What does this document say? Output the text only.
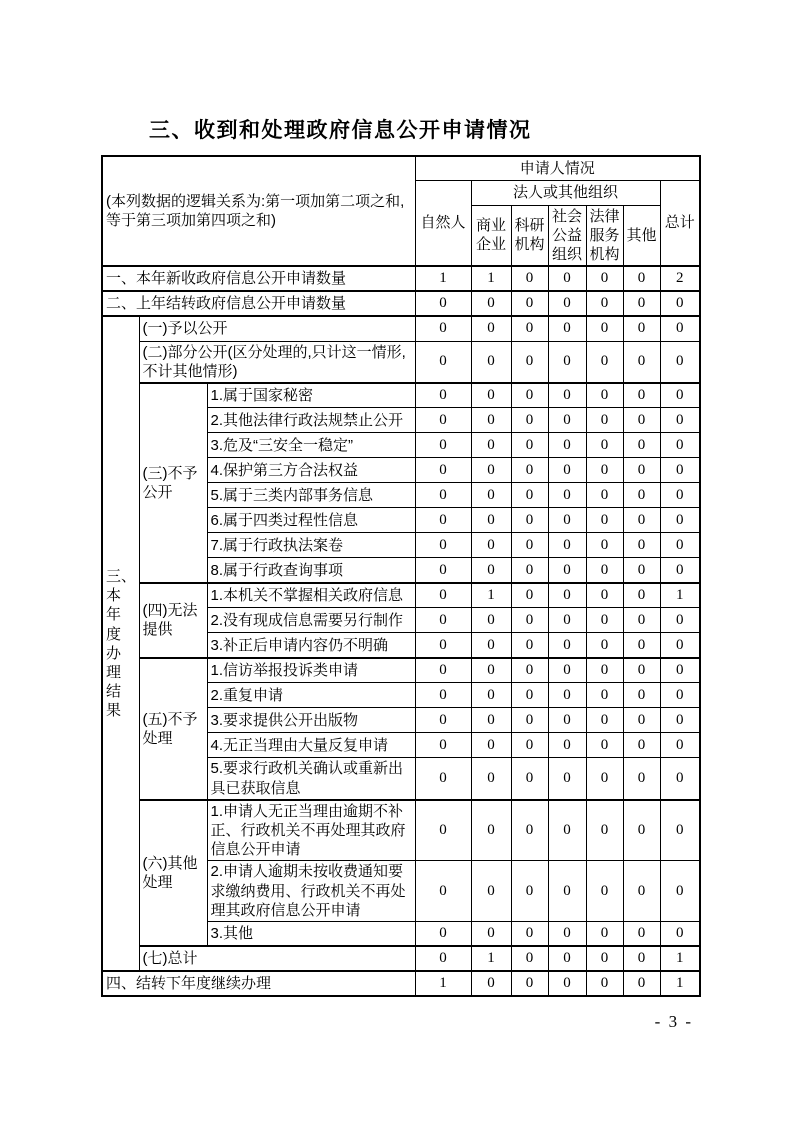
三、收到和处理政府信息公开申请情况
(本列数据的逻辑关系为:第一项加第二项之和,等于第三项加第四项之和)			申请人情况						
			自然人	法人或其他组织					总计
				商业企业	科研机构	社会公益组织	法律服务机构	其他	
一、本年新收政府信息公开申请数量			1	1	0	0	0	0	2
二、上年结转政府信息公开申请数量			0	0	0	0	0	0	0
三、本年度办理结果	(一)予以公开		0	0	0	0	0	0	0
	(二)部分公开(区分处理的,只计这一情形,不计其他情形)		0	0	0	0	0	0	0
	(三)不予公开	1.属于国家秘密	0	0	0	0	0	0	0
		2.其他法律行政法规禁止公开	0	0	0	0	0	0	0
		3.危及“三安全一稳定”	0	0	0	0	0	0	0
		4.保护第三方合法权益	0	0	0	0	0	0	0
		5.属于三类内部事务信息	0	0	0	0	0	0	0
		6.属于四类过程性信息	0	0	0	0	0	0	0
		7.属于行政执法案卷	0	0	0	0	0	0	0
		8.属于行政查询事项	0	0	0	0	0	0	0
	(四)无法提供	1.本机关不掌握相关政府信息	0	1	0	0	0	0	1
		2.没有现成信息需要另行制作	0	0	0	0	0	0	0
		3.补正后申请内容仍不明确	0	0	0	0	0	0	0
	(五)不予处理	1.信访举报投诉类申请	0	0	0	0	0	0	0
		2.重复申请	0	0	0	0	0	0	0
		3.要求提供公开出版物	0	0	0	0	0	0	0
		4.无正当理由大量反复申请	0	0	0	0	0	0	0
		5.要求行政机关确认或重新出具已获取信息	0	0	0	0	0	0	0
	(六)其他处理	1.申请人无正当理由逾期不补正、行政机关不再处理其政府信息公开申请	0	0	0	0	0	0	0
		2.申请人逾期未按收费通知要求缴纳费用、行政机关不再处理其政府信息公开申请	0	0	0	0	0	0	0
		3.其他	0	0	0	0	0	0	0
	(七)总计		0	1	0	0	0	0	1
四、结转下年度继续办理			1	0	0	0	0	0	1
- 3 -
